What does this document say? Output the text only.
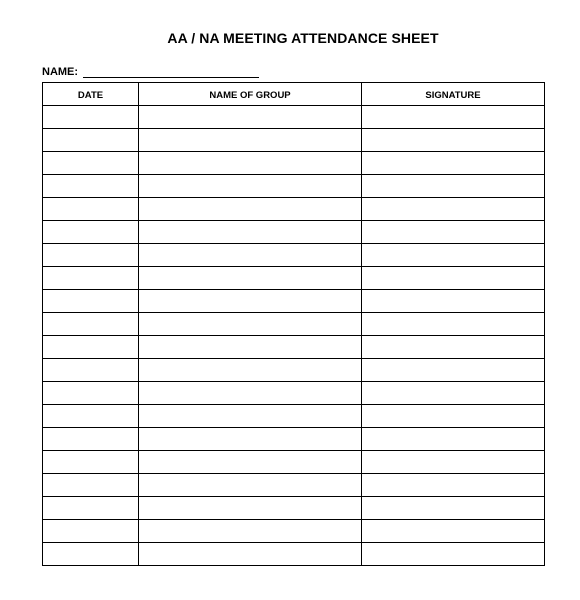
AA / NA MEETING ATTENDANCE SHEET
NAME:
DATE	NAME OF GROUP	SIGNATURE
